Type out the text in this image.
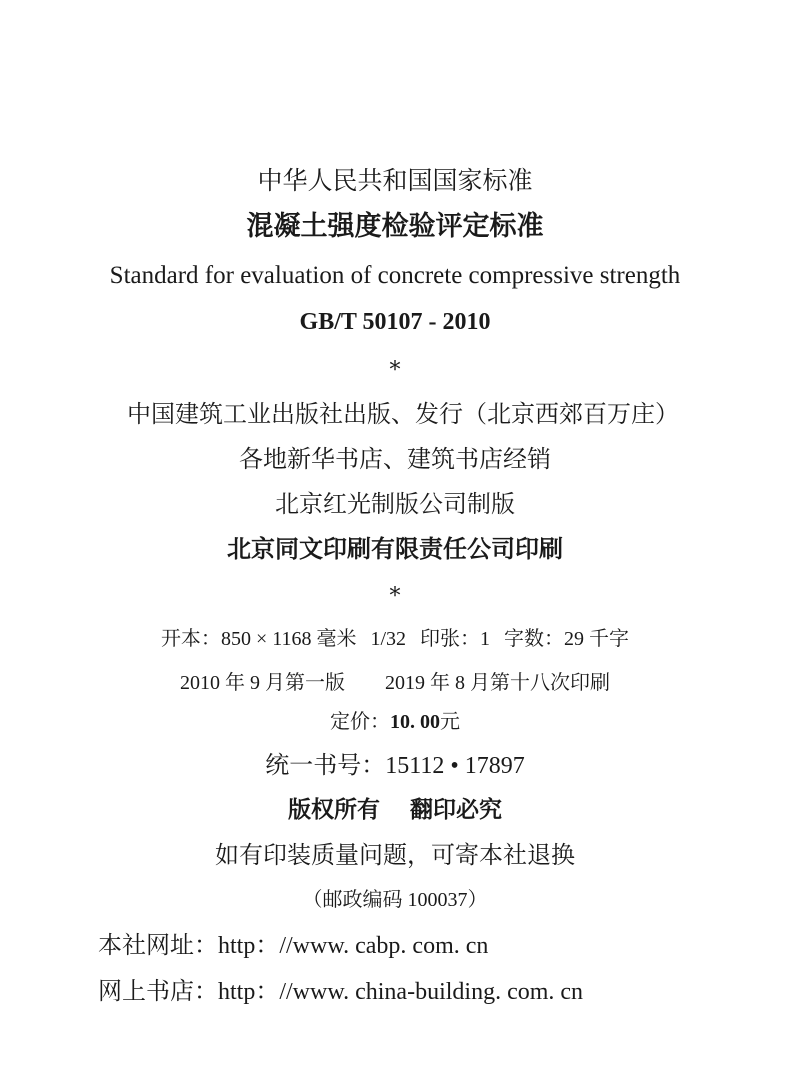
中华人民共和国国家标准
混凝土强度检验评定标准
Standard for evaluation of concrete compressive strength
GB/T 50107 - 2010
*
中国建筑工业出版社出版、发行（北京西郊百万庄）
各地新华书店、建筑书店经销
北京红光制版公司制版
北京同文印刷有限责任公司印刷
*
开本：850 × 1168 毫米 1/32 印张：1 字数：29 千字
2010 年 9 月第一版 2019 年 8 月第十八次印刷
定价：10. 00元
统一书号：15112 • 17897
版权所有 翻印必究
如有印装质量问题，可寄本社退换
（邮政编码 100037）
本社网址：http：//www. cabp. com. cn
网上书店：http：//www. china-building. com. cn
